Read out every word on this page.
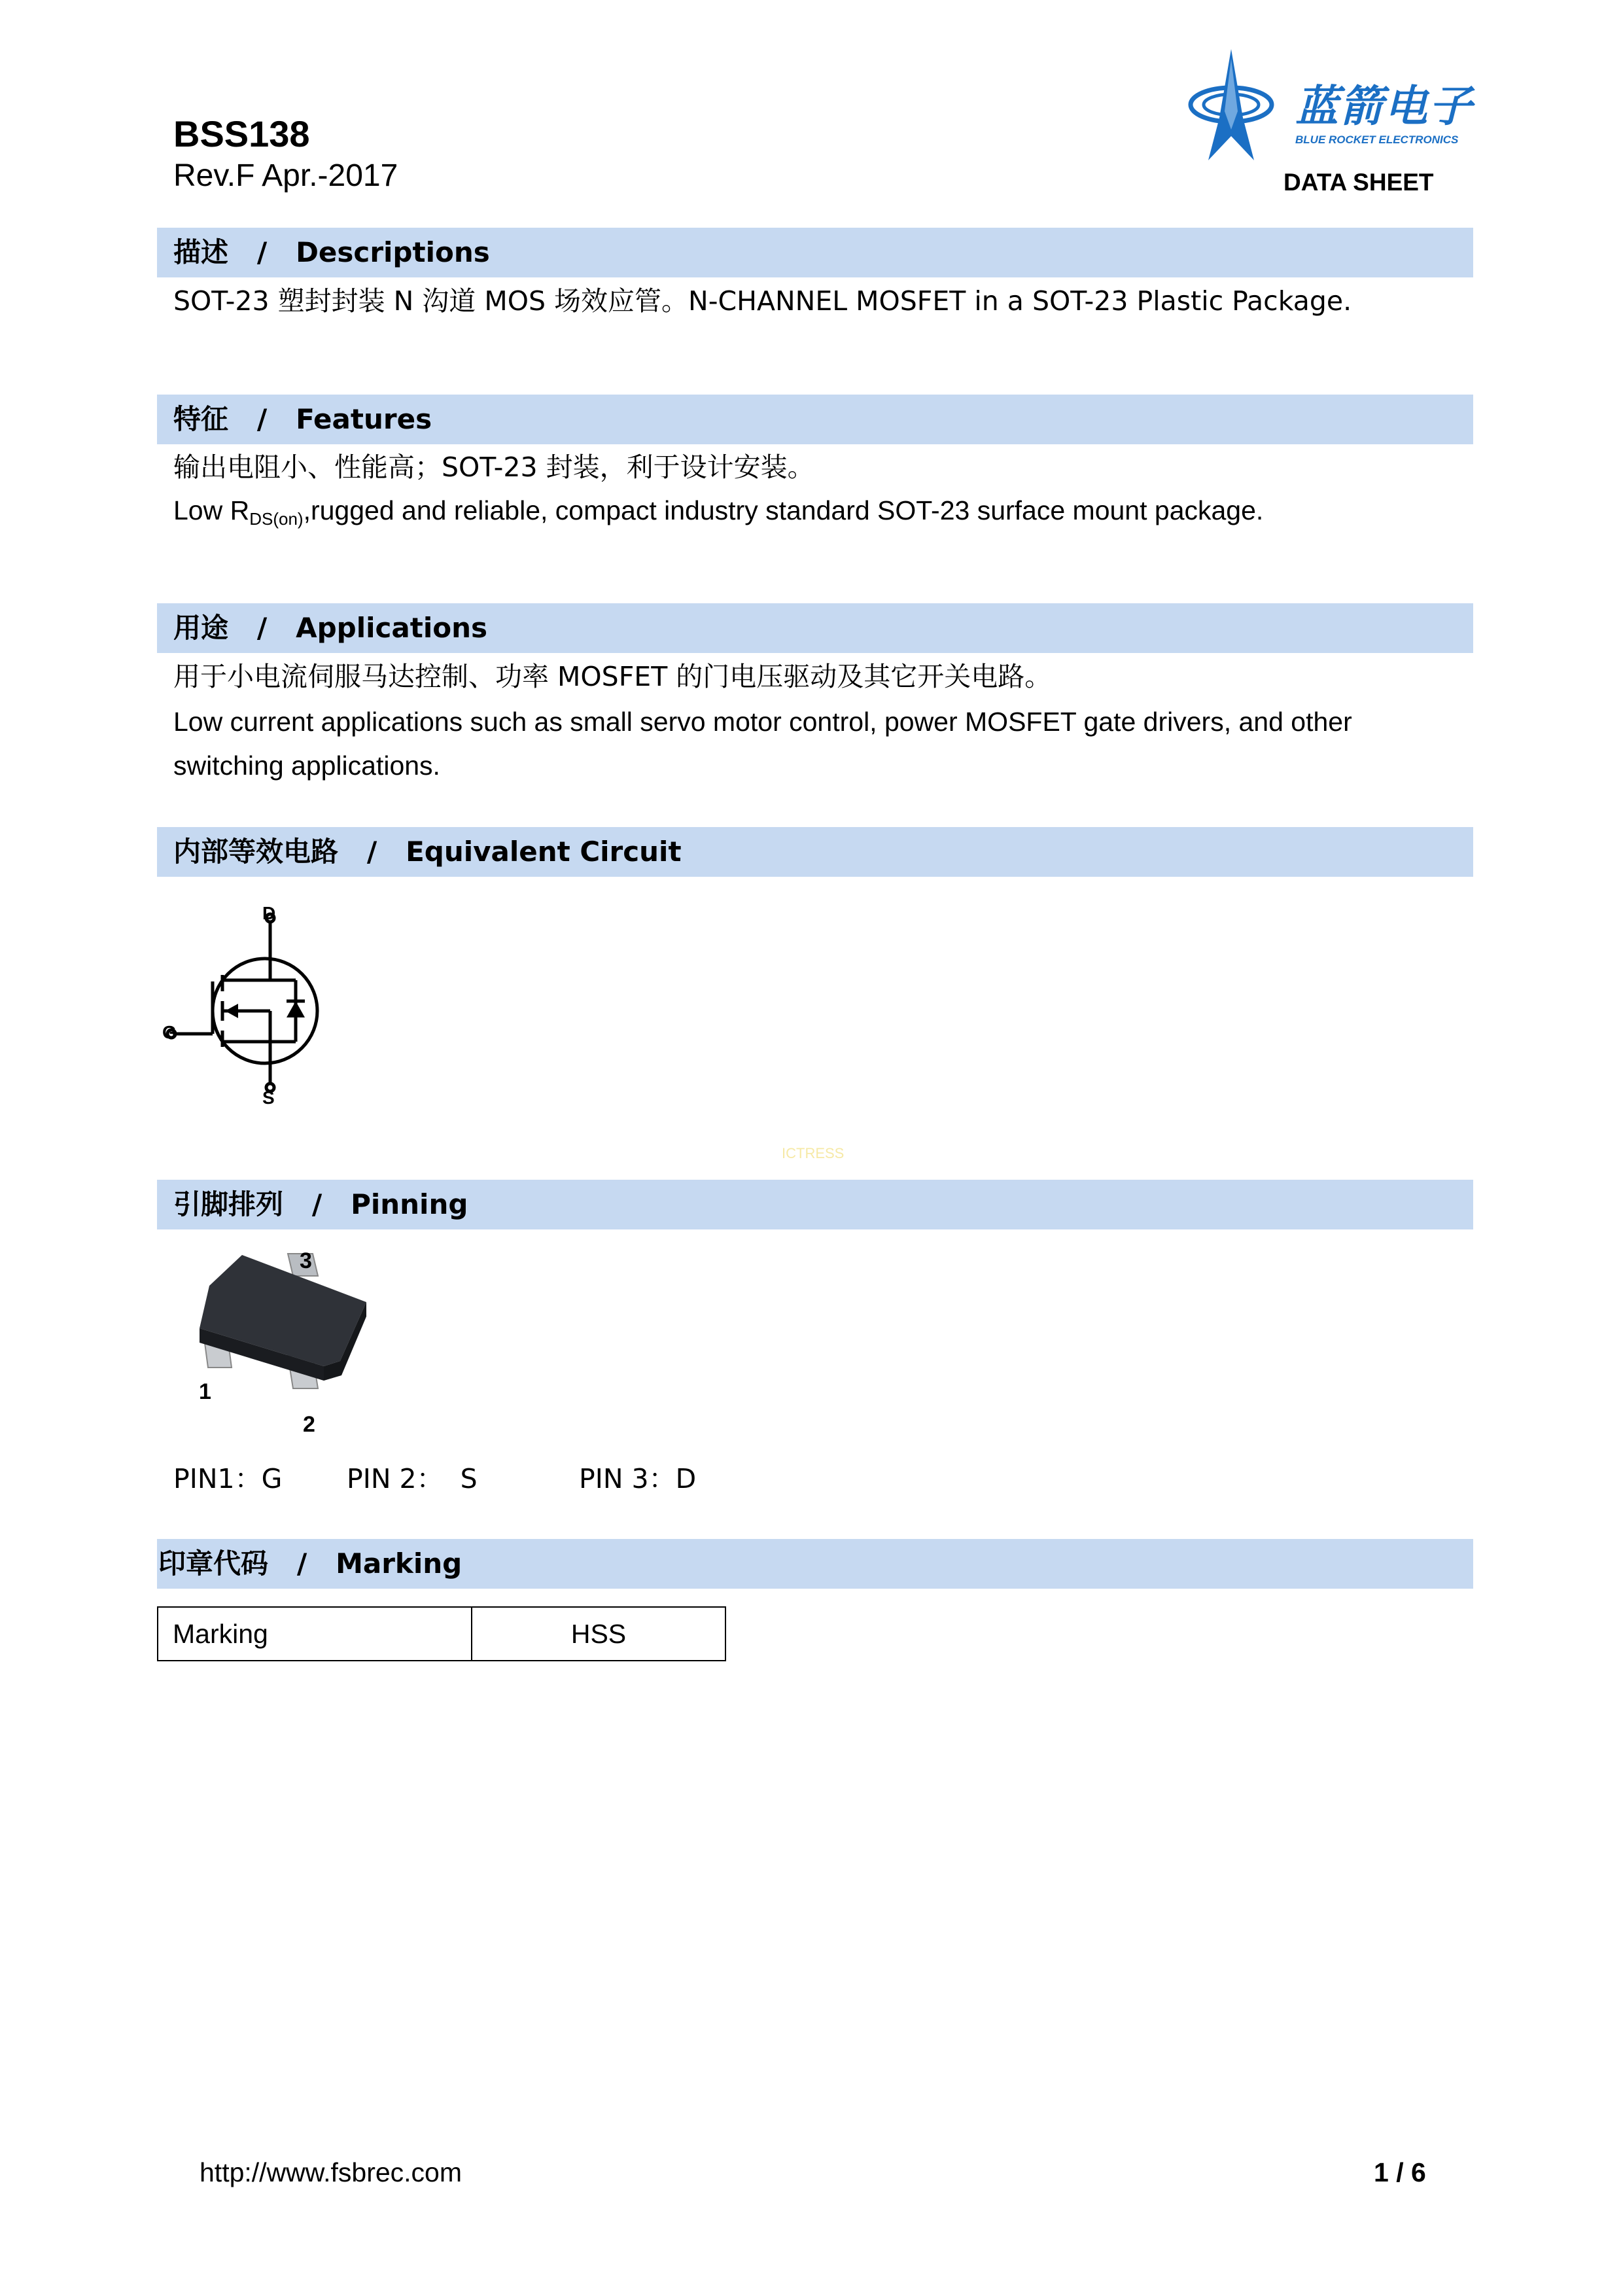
BSS138
Rev.F Apr.-2017
蓝箭电子
BLUE ROCKET ELECTRONICS
DATA SHEET
描述   /   Descriptions
SOT-23 塑封封装 N 沟道 MOS 场效应管。N-CHANNEL MOSFET in a SOT-23 Plastic Package.
特征   /   Features
输出电阻小、性能高；SOT-23 封装，利于设计安装。
Low $R_{DS(on)},rugged$ and reliable, compact industry standard SOT-23 surface mount package.
用途   /   Applications
用于小电流伺服马达控制、功率 MOSFET 的门电压驱动及其它开关电路。
Low current applications such as small servo motor control, power MOSFET gate drivers, and other
switching applications.
内部等效电路   /   Equivalent Circuit
D
G
S
ICTRESS
引脚排列   /   Pinning
3
1
2
PIN1：G PIN 2：  S	PIN 3：D
印章代码   /   Marking
Marking	HSS
http://www.fsbrec.com	1 / 6
